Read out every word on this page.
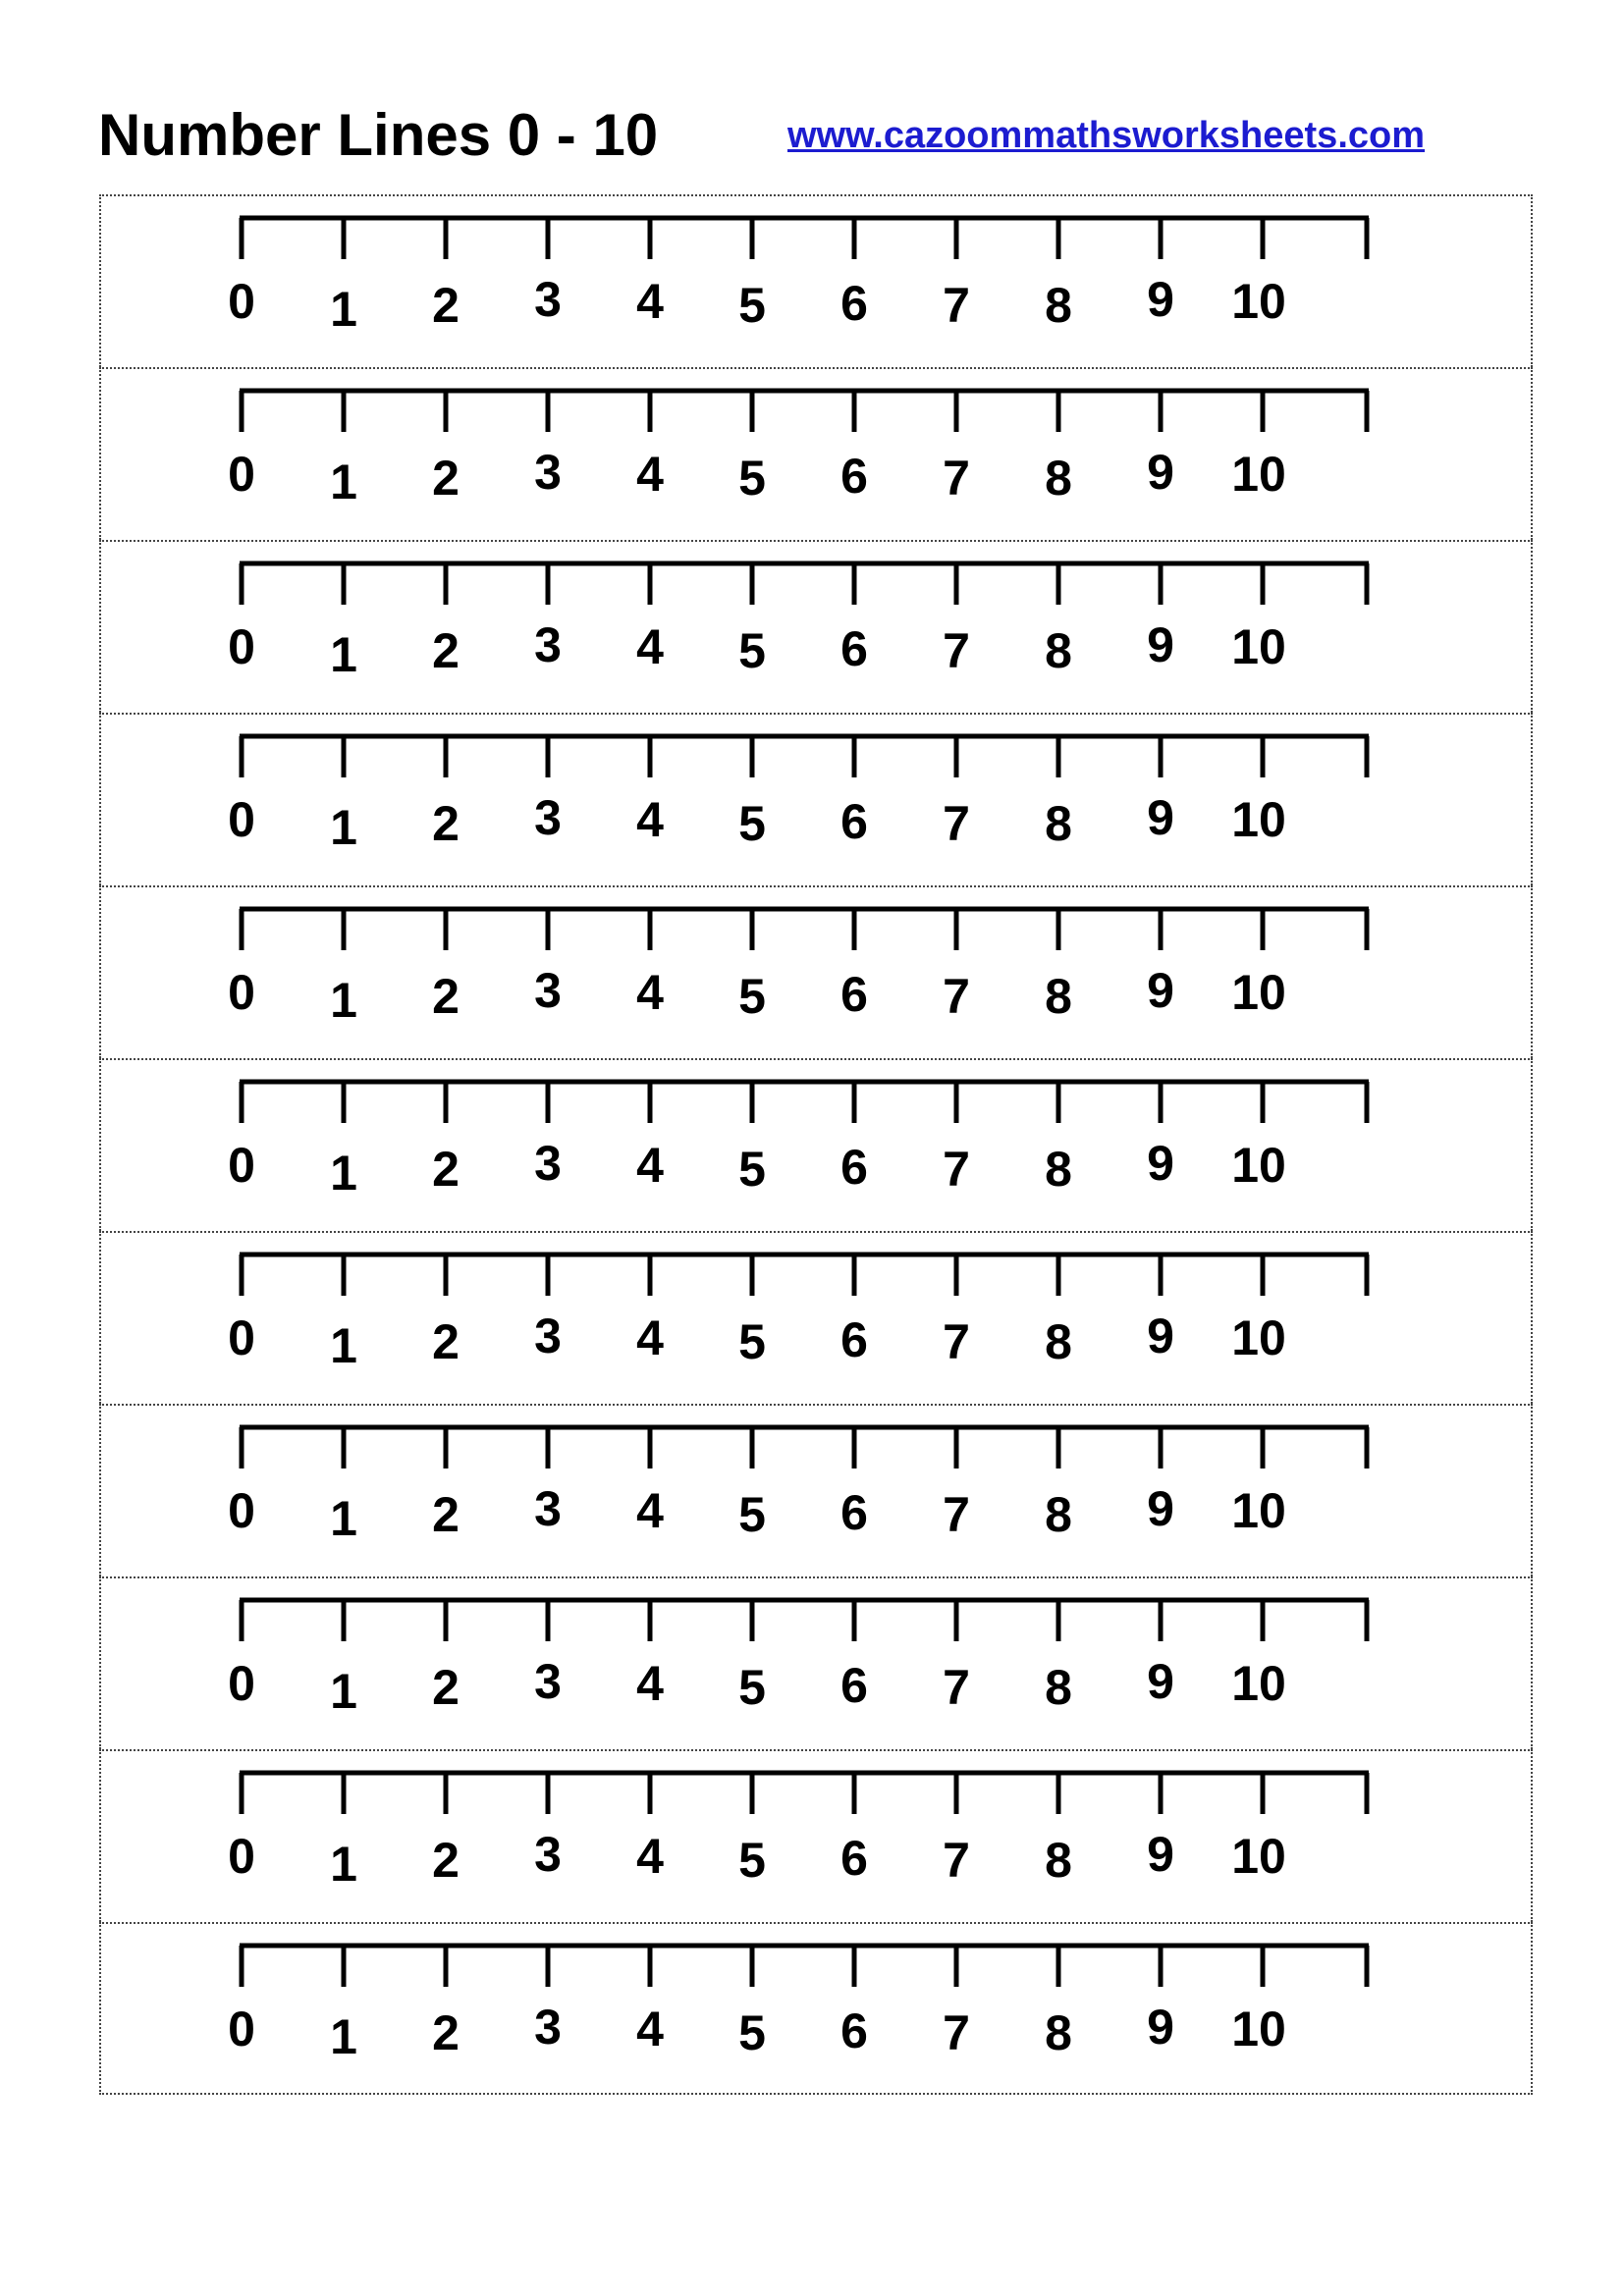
Number Lines 0 - 10	www.cazoommathsworksheets.com
0 1 2 3 4 5 6 7 8 9 10
0 1 2 3 4 5 6 7 8 9 10
0 1 2 3 4 5 6 7 8 9 10
0 1 2 3 4 5 6 7 8 9 10
0 1 2 3 4 5 6 7 8 9 10
0 1 2 3 4 5 6 7 8 9 10
0 1 2 3 4 5 6 7 8 9 10
0 1 2 3 4 5 6 7 8 9 10
0 1 2 3 4 5 6 7 8 9 10
0 1 2 3 4 5 6 7 8 9 10
0 1 2 3 4 5 6 7 8 9 10
